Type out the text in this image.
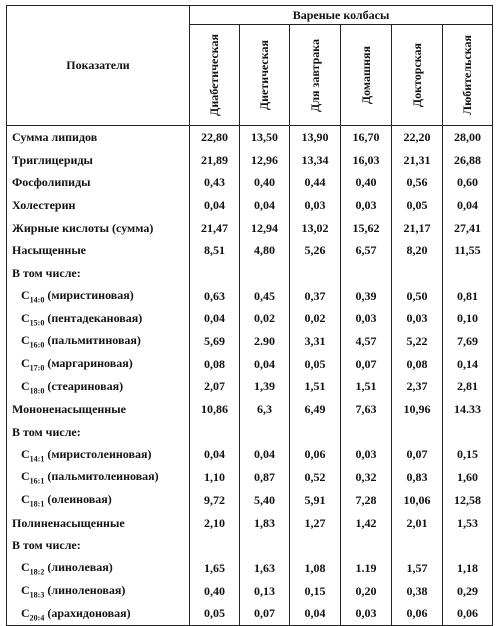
Показатели	Вареные колбасы					

	Диабетическая	Диетическая	Для завтрака	Домашняя	Докторская	Любительская

Сумма липидов	22,80	13,50	13,90	16,70	22,20	28,00
Триглицериды	21,89	12,96	13,34	16,03	21,31	26,88
Фосфолипиды	0,43	0,40	0,44	0,40	0,56	0,60
Холестерин	0,04	0,04	0,03	0,03	0,05	0,04
Жирные кислоты (сумма)	21,47	12,94	13,02	15,62	21,17	27,41
Насыщенные	8,51	4,80	5,26	6,57	8,20	11,55
В том числе:						
$C_{14:0}$ (миристиновая)	0,63	0,45	0,37	0,39	0,50	0,81
$C_{15:0}$ (пентадекановая)	0,04	0,02	0,02	0,03	0,03	0,10
$C_{16:0}$ (пальмитиновая)	5,69	2.90	3,31	4,57	5,22	7,69
$C_{17:0}$ (маргариновая)	0,08	0,04	0,05	0,07	0,08	0,14
$C_{18:0}$ (стеариновая)	2,07	1,39	1,51	1,51	2,37	2,81
Мононенасыщенные	10,86	6,3	6,49	7,63	10,96	14.33
В том числе:						
$C_{14:1}$ (миристолеиновая)	0,04	0,04	0,06	0,03	0,07	0,15
$C_{16:1}$ (пальмитолеиновая)	1,10	0,87	0,52	0,32	0,83	1,60
$C_{18:1}$ (олеиновая)	9,72	5,40	5,91	7,28	10,06	12,58
Полиненасыщенные	2,10	1,83	1,27	1,42	2,01	1,53
В том числе:						
$C_{18:2}$ (линолевая)	1,65	1,63	1,08	1.19	1,57	1,18
$C_{18:3}$ (линоленовая)	0,40	0,13	0,15	0,20	0,38	0,29
$C_{20:4}$ (арахидоновая)	0,05	0,07	0,04	0,03	0,06	0,06
